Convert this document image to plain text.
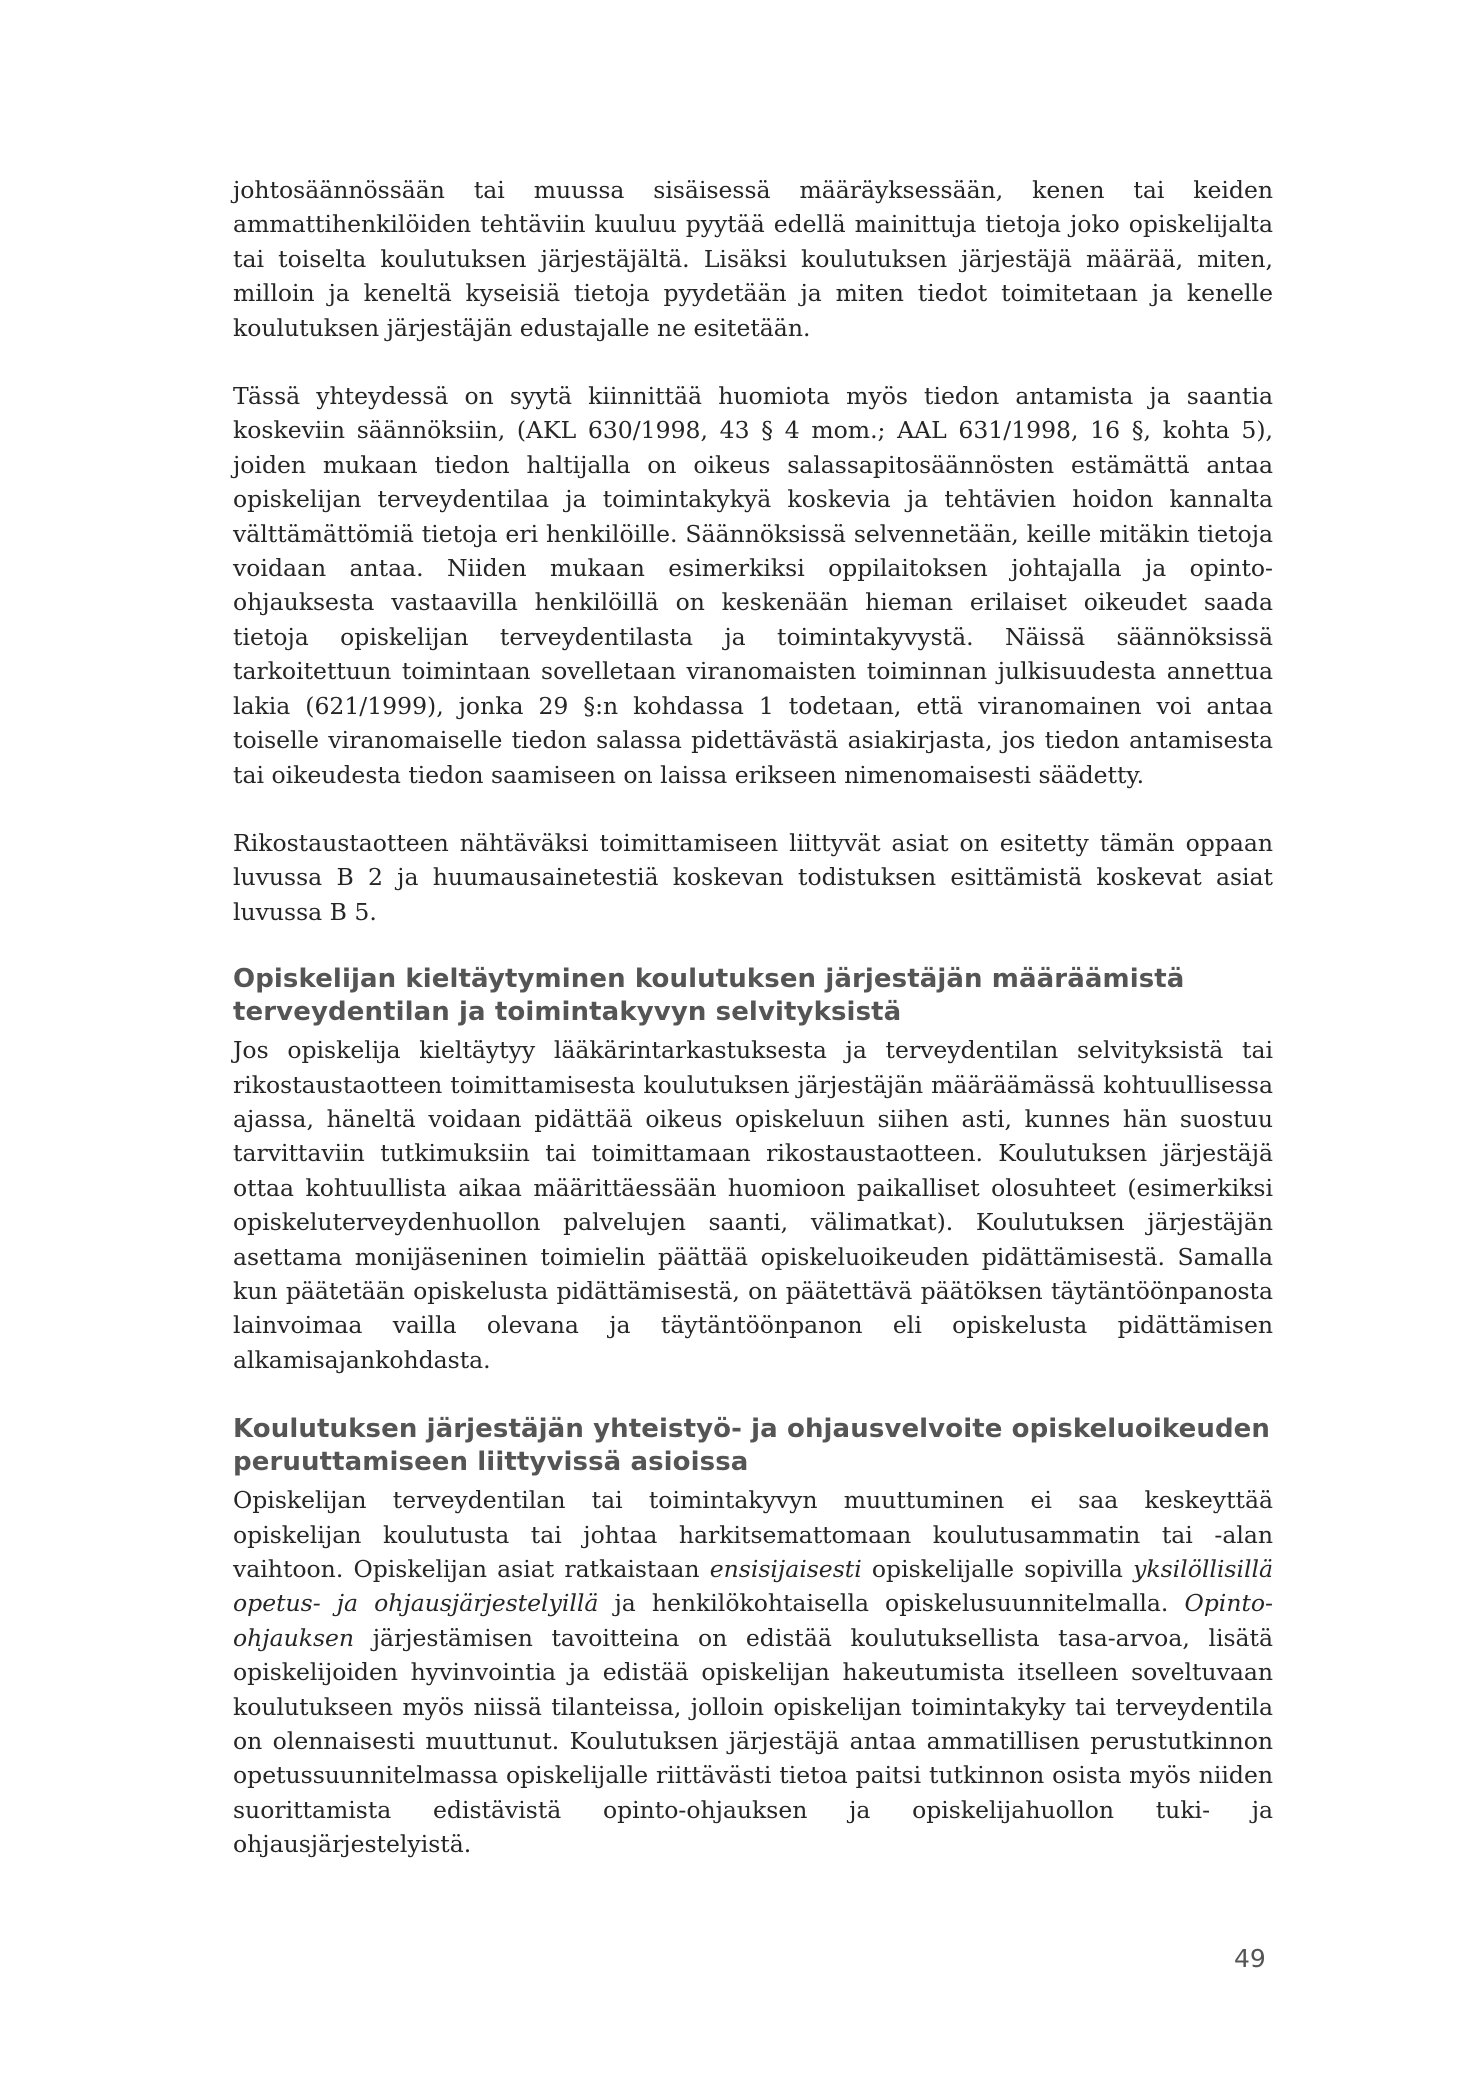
johtosäännössään tai muussa sisäisessä määräyksessään, kenen tai keiden ammattihenkilöiden tehtäviin kuuluu pyytää edellä mainittuja tietoja joko opiskelijalta tai toiselta koulutuksen järjestäjältä. Lisäksi koulutuksen järjestäjä määrää, miten, milloin ja keneltä kyseisiä tietoja pyydetään ja miten tiedot toimitetaan ja kenelle koulutuksen järjestäjän edustajalle ne esitetään.

Tässä yhteydessä on syytä kiinnittää huomiota myös tiedon antamista ja saantia koskeviin säännöksiin, (AKL 630/1998, 43 § 4 mom.; AAL 631/1998, 16 §, kohta 5), joiden mukaan tiedon haltijalla on oikeus salassapitosäännösten estämättä antaa opiskelijan terveydentilaa ja toimintakykyä koskevia ja tehtävien hoidon kannalta välttämättömiä tietoja eri henkilöille. Säännöksissä selvennetään, keille mitäkin tietoja voidaan antaa. Niiden mukaan esimerkiksi oppilaitoksen johtajalla ja opinto-ohjauksesta vastaavilla henkilöillä on keskenään hieman erilaiset oikeudet saada tietoja opiskelijan terveydentilasta ja toimintakyvystä. Näissä säännöksissä tarkoitettuun toimintaan sovelletaan viranomaisten toiminnan julkisuudesta annettua lakia (621/1999), jonka 29 §:n kohdassa 1 todetaan, että viranomainen voi antaa toiselle viranomaiselle tiedon salassa pidettävästä asiakirjasta, jos tiedon antamisesta tai oikeudesta tiedon saamiseen on laissa erikseen nimenomaisesti säädetty.

Rikostaustaotteen nähtäväksi toimittamiseen liittyvät asiat on esitetty tämän oppaan luvussa B 2 ja huumausainetestiä koskevan todistuksen esittämistä koskevat asiat luvussa B 5.

Opiskelijan kieltäytyminen koulutuksen järjestäjän määräämistä terveydentilan ja toimintakyvyn selvityksistä

Jos opiskelija kieltäytyy lääkärintarkastuksesta ja terveydentilan selvityksistä tai rikostaustaotteen toimittamisesta koulutuksen järjestäjän määräämässä kohtuullisessa ajassa, häneltä voidaan pidättää oikeus opiskeluun siihen asti, kunnes hän suostuu tarvittaviin tutkimuksiin tai toimittamaan rikostaustaotteen. Koulutuksen järjestäjä ottaa kohtuullista aikaa määrittäessään huomioon paikalliset olosuhteet (esimerkiksi opiskeluterveydenhuollon palvelujen saanti, välimatkat). Koulutuksen järjestäjän asettama monijäseninen toimielin päättää opiskeluoikeuden pidättämisestä. Samalla kun päätetään opiskelusta pidättämisestä, on päätettävä päätöksen täytäntöönpanosta lainvoimaa vailla olevana ja täytäntöönpanon eli opiskelusta pidättämisen alkamisajankohdasta.

Koulutuksen järjestäjän yhteistyö- ja ohjausvelvoite opiskeluoikeuden peruuttamiseen liittyvissä asioissa

Opiskelijan terveydentilan tai toimintakyvyn muuttuminen ei saa keskeyttää opiskelijan koulutusta tai johtaa harkitsemattomaan koulutusammatin tai -alan vaihtoon. Opiskelijan asiat ratkaistaan ensisijaisesti opiskelijalle sopivilla yksilöllisillä opetus- ja ohjausjärjestelyillä ja henkilökohtaisella opiskelusuunnitelmalla. Opinto-ohjauksen järjestämisen tavoitteina on edistää koulutuksellista tasa-arvoa, lisätä opiskelijoiden hyvinvointia ja edistää opiskelijan hakeutumista itselleen soveltuvaan koulutukseen myös niissä tilanteissa, jolloin opiskelijan toimintakyky tai terveydentila on olennaisesti muuttunut. Koulutuksen järjestäjä antaa ammatillisen perustutkinnon opetussuunnitelmassa opiskelijalle riittävästi tietoa paitsi tutkinnon osista myös niiden suorittamista edistävistä opinto-ohjauksen ja opiskelijahuollon tuki- ja ohjausjärjestelyistä.

49
